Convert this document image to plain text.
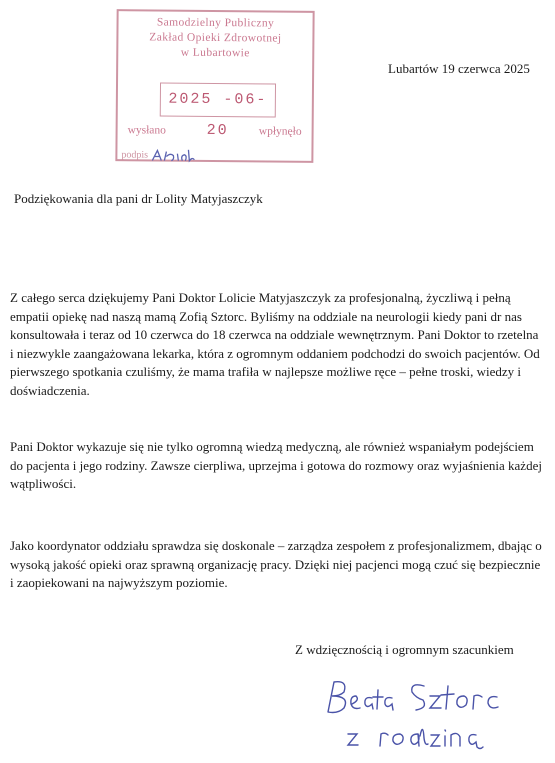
Samodzielny Publiczny
Zakład Opieki Zdrowotnej
w Lubartowie
2025 -06- 20
wysłano	wpłynęło
podpis
Lubartów 19 czerwca 2025
Podziękowania dla pani dr Lolity Matyjaszczyk

Z całego serca dziękujemy Pani Doktor Lolicie Matyjaszczyk za profesjonalną, życzliwą i pełną empatii opiekę nad naszą mamą Zofią Sztorc. Byliśmy na oddziale na neurologii kiedy pani dr nas konsultowała i teraz od 10 czerwca do 18 czerwca na oddziale wewnętrznym. Pani Doktor to rzetelna i niezwykle zaangażowana lekarka, która z ogromnym oddaniem podchodzi do swoich pacjentów. Od pierwszego spotkania czuliśmy, że mama trafiła w najlepsze możliwe ręce – pełne troski, wiedzy i doświadczenia.

Pani Doktor wykazuje się nie tylko ogromną wiedzą medyczną, ale również wspaniałym podejściem do pacjenta i jego rodziny. Zawsze cierpliwa, uprzejma i gotowa do rozmowy oraz wyjaśnienia każdej wątpliwości.

Jako koordynator oddziału sprawdza się doskonale – zarządza zespołem z profesjonalizmem, dbając o wysoką jakość opieki oraz sprawną organizację pracy. Dzięki niej pacjenci mogą czuć się bezpiecznie i zaopiekowani na najwyższym poziomie.

Z wdzięcznością i ogromnym szacunkiem
